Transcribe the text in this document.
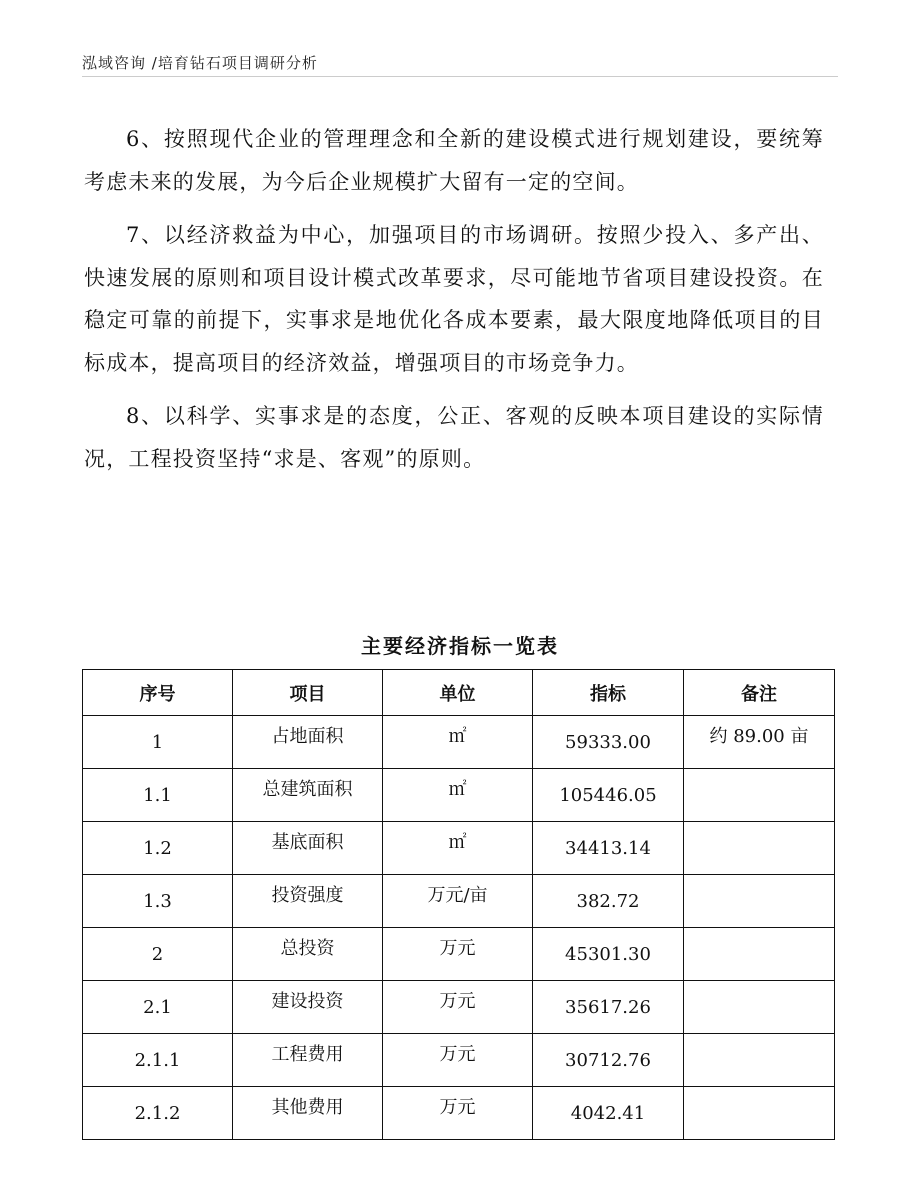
泓域咨询 /培育钻石项目调研分析

6、按照现代企业的管理理念和全新的建设模式进行规划建设，要统筹考虑未来的发展，为今后企业规模扩大留有一定的空间。

7、以经济救益为中心，加强项目的市场调研。按照少投入、多产出、快速发展的原则和项目设计模式改革要求，尽可能地节省项目建设投资。在稳定可靠的前提下，实事求是地优化各成本要素，最大限度地降低项目的目标成本，提高项目的经济效益，增强项目的市场竞争力。

8、以科学、实事求是的态度，公正、客观的反映本项目建设的实际情况，工程投资坚持“求是、客观”的原则。

主要经济指标一览表
序号	项目	单位	指标	备注
1	占地面积	㎡	59333.00	约 89.00 亩
1.1	总建筑面积	㎡	105446.05	
1.2	基底面积	㎡	34413.14	
1.3	投资强度	万元/亩	382.72	
2	总投资	万元	45301.30	
2.1	建设投资	万元	35617.26	
2.1.1	工程费用	万元	30712.76	
2.1.2	其他费用	万元	4042.41	
